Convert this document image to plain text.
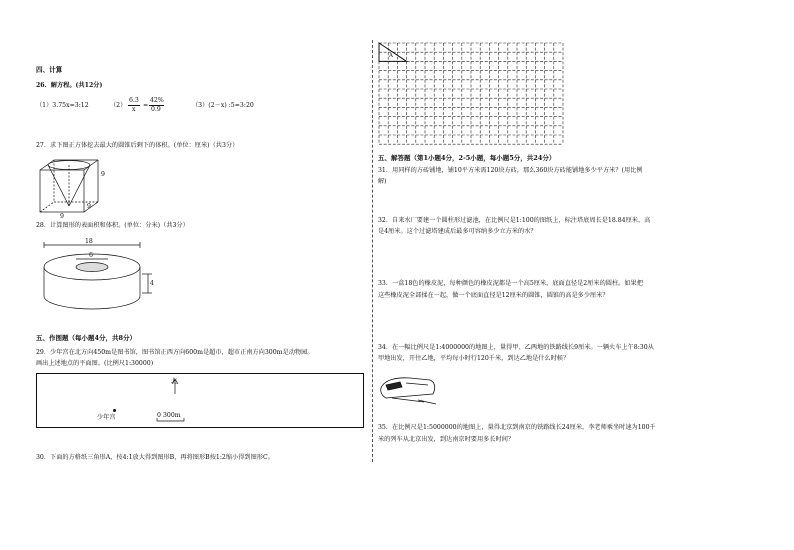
四、计算
26．解方程。(共12分)
（1）3.75x=3:12	（2）
6.3
x
=
42%
0.9
（3）(2－x) :5=3:20
27．求下图正方体挖去最大的圆锥后剩下的体积。(单位：厘米)（共3分）
9
9
9
28．计算图形的表面积和体积。(单位：分米)（共3分）
18
6
4
五、作图题（每小题4分，共8分）
29．少年宫在北方向450m是图书馆，图书馆正西方向600m是超市，超市正南方向300m是动物园。
画出上述地点的平面图。(比例尺1:30000)
北
少年宫	0 300m
30．下面的方格纸三角形A，按4:1放大得到图形B，再将图形B按1:2缩小得到图形C。
A
五、解答题（第1小题4分，2-5小题，每小题5分，共24分）
31．用同样的方砖铺地，铺10平方米需120块方砖，那么360块方砖能铺地多少平方米？(用比例
解)
32．自来水厂要建一个圆柱形过滤池，在比例尺是1:100的图纸上，标注塔底周长是18.84厘米，高
是4厘米。这个过滤塔建成后最多可容纳多少立方米的水？
33．一盒18色的橡皮泥，每种颜色的橡皮泥都是一个高5厘米，底面直径是2厘米的圆柱。如果把
这些橡皮泥全部揉在一起，做一个底面直径是12厘米的圆锥，圆锥的高是多少厘米？
34．在一幅比例尺是1:4000000的地图上，量得甲、乙两地的铁路线长9厘米。一辆火车上午8:30从
甲地出发，开往乙地，平均每小时行120千米，到达乙地是什么时候？
35．在比例尺是1:5000000的地图上，量得北京到南京的铁路线长24厘米，李老师乘坐时速为100千
米的列车从北京出发，到达南京时要用多长时间？
